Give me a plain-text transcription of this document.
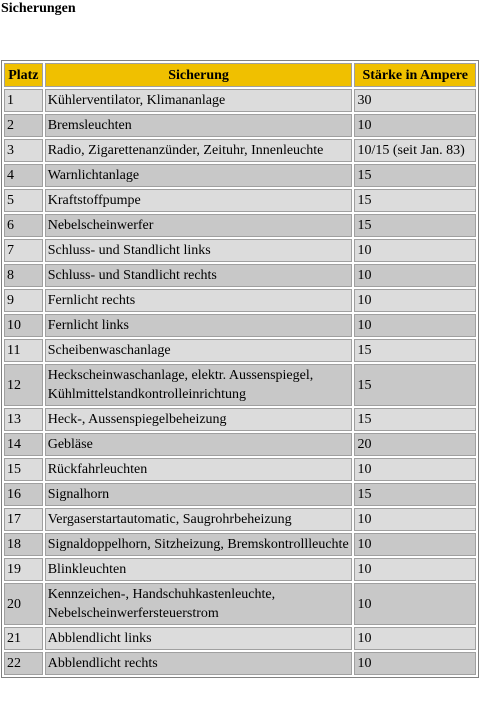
Sicherungen
Platz	Sicherung	Stärke in Ampere
1	Kühlerventilator, Klimananlage	30
2	Bremsleuchten	10
3	Radio, Zigarettenanzünder, Zeituhr, Innenleuchte	10/15 (seit Jan. 83)
4	Warnlichtanlage	15
5	Kraftstoffpumpe	15
6	Nebelscheinwerfer	15
7	Schluss- und Standlicht links	10
8	Schluss- und Standlicht rechts	10
9	Fernlicht rechts	10
10	Fernlicht links	10
11	Scheibenwaschanlage	15
12	Heckscheinwaschanlage, elektr. Aussenspiegel, Kühlmittelstandkontrolleinrichtung	15
13	Heck-, Aussenspiegelbeheizung	15
14	Gebläse	20
15	Rückfahrleuchten	10
16	Signalhorn	15
17	Vergaserstartautomatic, Saugrohrbeheizung	10
18	Signaldoppelhorn, Sitzheizung, Bremskontrollleuchte	10
19	Blinkleuchten	10
20	Kennzeichen-, Handschuhkastenleuchte, Nebelscheinwerfersteuerstrom	10
21	Abblendlicht links	10
22	Abblendlicht rechts	10
